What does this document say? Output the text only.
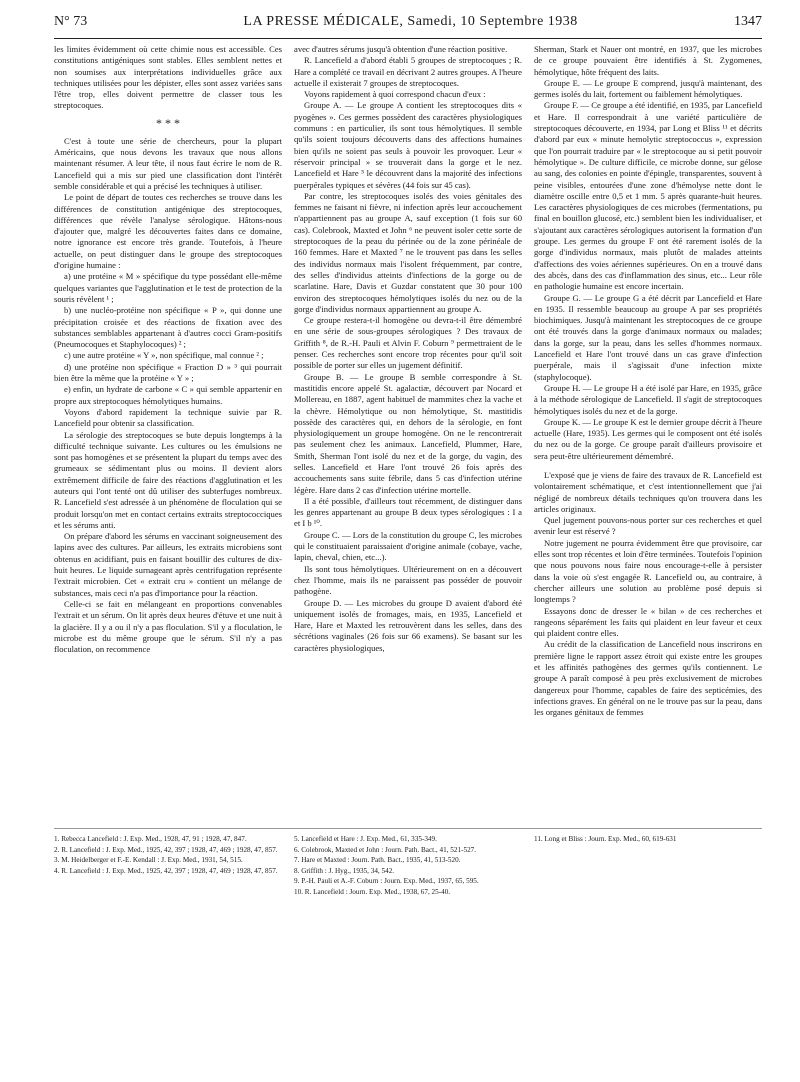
N° 73	LA PRESSE MÉDICALE, Samedi, 10 Septembre 1938	1347

les limites évidemment où cette chimie nous est accessible. Ces constitutions antigéniques sont stables. Elles semblent nettes et non soumises aux interprétations individuelles grâce aux techniques utilisées pour les dépister, elles sont assez variées sans l'être trop, elles doivent permettre de classer tous les streptocoques.

* * *

C'est à toute une série de chercheurs, pour la plupart Américains, que nous devons les travaux que nous allons maintenant résumer. A leur tête, il nous faut écrire le nom de R. Lancefield qui a mis sur pied une classification dont l'intérêt semble considérable et qui a précisé les techniques à utiliser.

Le point de départ de toutes ces recherches se trouve dans les différences de constitution antigénique des streptocoques, différences que révèle l'analyse sérologique. Hâtons-nous d'ajouter que, malgré les découvertes faites dans ce domaine, notre ignorance est encore très grande. Toutefois, à l'heure actuelle, on peut distinguer dans le groupe des streptocoques d'origine humaine :

a) une protéine « M » spécifique du type possédant elle-même quelques variantes que l'agglutination et le test de protection de la souris révèlent ¹ ;

b) une nucléo-protéine non spécifique « P », qui donne une précipitation croisée et des réactions de fixation avec des substances semblables appartenant à d'autres cocci Gram-positifs (Pneumocoques et Staphylocoques) ² ;

c) une autre protéine « Y », non spécifique, mal connue ² ;

d) une protéine non spécifique « Fraction D » ³ qui pourrait bien être la même que la protéine « Y » ;

e) enfin, un hydrate de carbone « C » qui semble appartenir en propre aux streptocoques hémolytiques humains.

Voyons d'abord rapidement la technique suivie par R. Lancefield pour obtenir sa classification.

La sérologie des streptocoques se bute depuis longtemps à la difficulté technique suivante. Les cultures ou les émulsions ne sont pas homogènes et se présentent la plupart du temps avec des grumeaux se sédimentant plus ou moins. Il devient alors extrêmement difficile de faire des réactions d'agglutination et les auteurs qui l'ont tenté ont dû utiliser des subterfuges nombreux. R. Lancefield s'est adressée à un phénomène de floculation qui se produit lorsqu'on met en contact certains extraits streptococciques et les sérums anti.

On prépare d'abord les sérums en vaccinant soigneusement des lapins avec des cultures. Par ailleurs, les extraits microbiens sont obtenus en acidifiant, puis en faisant bouillir des cultures de dix-huit heures. Le liquide surnageant après centrifugation représente l'extrait microbien. Cet « extrait cru » contient un mélange de substances, mais ceci n'a pas d'importance pour la réaction.

Celle-ci se fait en mélangeant en proportions convenables l'extrait et un sérum. On lit après deux heures d'étuve et une nuit à la glacière. Il y a ou il n'y a pas floculation. S'il y a floculation, le microbe est du même groupe que le sérum. S'il n'y a pas floculation, on recommence

avec d'autres sérums jusqu'à obtention d'une réaction positive.

R. Lancefield a d'abord établi 5 groupes de streptocoques ; R. Hare a complété ce travail en décrivant 2 autres groupes. A l'heure actuelle il existerait 7 groupes de streptocoques.

Voyons rapidement à quoi correspond chacun d'eux :

Groupe A. — Le groupe A contient les streptocoques dits « pyogènes ». Ces germes possèdent des caractères physiologiques communs : en particulier, ils sont tous hémolytiques. Il semble qu'ils soient toujours découverts dans des affections humaines bien qu'ils ne soient pas seuls à pouvoir les provoquer. Leur « réservoir principal » se trouverait dans la gorge et le nez. Lancefield et Hare ⁵ le découvrent dans la majorité des infections puerpérales typiques et sévères (44 fois sur 45 cas).

Par contre, les streptocoques isolés des voies génitales des femmes ne faisant ni fièvre, ni infection après leur accouchement n'appartiennent pas au groupe A, sauf exception (1 fois sur 60 cas). Colebrook, Maxted et John ⁶ ne peuvent isoler cette sorte de streptocoques de la peau du périnée ou de la zone périnéale de 160 femmes. Hare et Maxted ⁷ ne le trouvent pas dans les selles des individus normaux mais l'isolent fréquemment, par contre, des selles d'individus atteints d'infections de la gorge ou de scarlatine. Hare, Davis et Guzdar constatent que 30 pour 100 environ des streptocoques hémolytiques isolés du nez ou de la gorge d'individus normaux appartiennent au groupe A.

Ce groupe restera-t-il homogène ou devra-t-il être démembré en une série de sous-groupes sérologiques ? Des travaux de Griffith ⁸, de R.-H. Pauli et Alvin F. Coburn ⁹ permettraient de le penser. Ces recherches sont encore trop récentes pour qu'il soit possible de porter sur elles un jugement définitif.

Groupe B. — Le groupe B semble correspondre à St. mastitidis encore appelé St. agalactiæ, découvert par Nocard et Mollereau, en 1887, agent habituel de mammites chez la vache et la chèvre. Hémolytique ou non hémolytique, St. mastitidis possède des caractères qui, en dehors de la sérologie, en font physiologiquement un groupe homogène. On ne le rencontrerait pas seulement chez les animaux. Lancefield, Plummer, Hare, Smith, Sherman l'ont isolé du nez et de la gorge, du vagin, des selles. Lancefield et Hare l'ont trouvé 26 fois après des accouchements sans suite fébrile, dans 5 cas d'infection utérine légère. Hare dans 2 cas d'infection utérine mortelle.

Il a été possible, d'ailleurs tout récemment, de distinguer dans les genres appartenant au groupe B deux types sérologiques : I a et I b ¹⁰.

Groupe C. — Lors de la constitution du groupe C, les microbes qui le constituaient paraissaient d'origine animale (cobaye, vache, lapin, cheval, chien, etc...).

Ils sont tous hémolytiques. Ultérieurement on en a découvert chez l'homme, mais ils ne paraissent pas posséder de pouvoir pathogène.

Groupe D. — Les microbes du groupe D avaient d'abord été uniquement isolés de fromages, mais, en 1935, Lancefield et Hare, Hare et Maxted les retrouvèrent dans les selles, dans des sécrétions vaginales (26 fois sur 66 examens). Se basant sur les caractères physiologiques,

Sherman, Stark et Nauer ont montré, en 1937, que les microbes de ce groupe pouvaient être identifiés à St. Zygomenes, hémolytique, hôte fréquent des laits.

Groupe E. — Le groupe E comprend, jusqu'à maintenant, des germes isolés du lait, fortement ou faiblement hémolytiques.

Groupe F. — Ce groupe a été identifié, en 1935, par Lancefield et Hare. Il correspondrait à une variété particulière de streptocoques découverte, en 1934, par Long et Bliss ¹¹ et décrits d'abord par eux « minute hemolytic streptococcus », expression que l'on pourrait traduire par « le streptocoque au si petit pouvoir hémolytique ». De culture difficile, ce microbe donne, sur gélose au sang, des colonies en pointe d'épingle, transparentes, souvent à peine visibles, entourées d'une zone d'hémolyse nette dont le diamètre oscille entre 0,5 et 1 mm. 5 après quarante-huit heures. Les caractères physiologiques de ces microbes (fermentations, pu final en bouillon glucosé, etc.) semblent bien les individualiser, et s'ajoutant aux caractères sérologiques autorisent la formation d'un groupe. Les germes du groupe F ont été rarement isolés de la gorge d'individus normaux, mais plutôt de malades atteints d'affections des voies aériennes supérieures. On en a trouvé dans des abcès, dans des cas d'inflammation des sinus, etc... Leur rôle en pathologie humaine est encore incertain.

Groupe G. — Le groupe G a été décrit par Lancefield et Hare en 1935. Il ressemble beaucoup au groupe A par ses propriétés biochimiques. Jusqu'à maintenant les streptocoques de ce groupe ont été trouvés dans la gorge d'animaux normaux ou malades; dans la gorge, sur la peau, dans les selles d'hommes normaux. Lancefield et Hare l'ont trouvé dans un cas grave d'infection puerpérale, mais il s'agissait d'une infection mixte (staphylocoque).

Groupe H. — Le groupe H a été isolé par Hare, en 1935, grâce à la méthode sérologique de Lancefield. Il s'agit de streptocoques hémolytiques isolés du nez et de la gorge.

Groupe K. — Le groupe K est le dernier groupe décrit à l'heure actuelle (Hare, 1935). Les germes qui le composent ont été isolés du nez ou de la gorge. Ce groupe paraît d'ailleurs provisoire et sera peut-être ultérieurement démembré.

L'exposé que je viens de faire des travaux de R. Lancefield est volontairement schématique, et c'est intentionnellement que j'ai négligé de nombreux détails techniques qu'on trouvera dans les articles originaux.

Quel jugement pouvons-nous porter sur ces recherches et quel avenir leur est réservé ?

Notre jugement ne pourra évidemment être que provisoire, car elles sont trop récentes et loin d'être terminées. Toutefois l'opinion que nous pouvons nous faire nous encourage-t-elle à persister dans la voie où s'est engagée R. Lancefield ou, au contraire, à chercher ailleurs une solution au problème posé depuis si longtemps ?

Essayons donc de dresser le « bilan » de ces recherches et rangeons séparément les faits qui plaident en leur faveur et ceux qui plaident contre elles.

Au crédit de la classification de Lancefield nous inscrirons en première ligne le rapport assez étroit qui existe entre les groupes et les affinités pathogènes des germes qu'ils contiennent. Le groupe A paraît composé à peu près exclusivement de microbes dangereux pour l'homme, capables de faire des septicémies, des infections graves. En général on ne le trouve pas sur la peau, dans les organes génitaux de femmes

1. Rebecca Lancefield : J. Exp. Med., 1928, 47, 91 ; 1928, 47, 847.

2. R. Lancefield : J. Exp. Med., 1925, 42, 397 ; 1928, 47, 469 ; 1928, 47, 857.

3. M. Heidelberger et F.-E. Kendall : J. Exp. Med., 1931, 54, 515.

4. R. Lancefield : J. Exp. Med., 1925, 42, 397 ; 1928, 47, 469 ; 1928, 47, 857.

5. Lancefield et Hare : J. Exp. Med., 61, 335-349.

6. Colebrook, Maxted et John : Journ. Path. Bact., 41, 521-527.

7. Hare et Maxted : Journ. Path. Bact., 1935, 41, 513-520.

8. Griffith : J. Hyg., 1935, 34, 542.

9. P.-H. Pauli et A.-F. Coburn : Journ. Exp. Med., 1937, 65, 595.

10. R. Lancefield : Journ. Exp. Med., 1938, 67, 25-40.

11. Long et Bliss : Journ. Exp. Med., 60, 619-631
